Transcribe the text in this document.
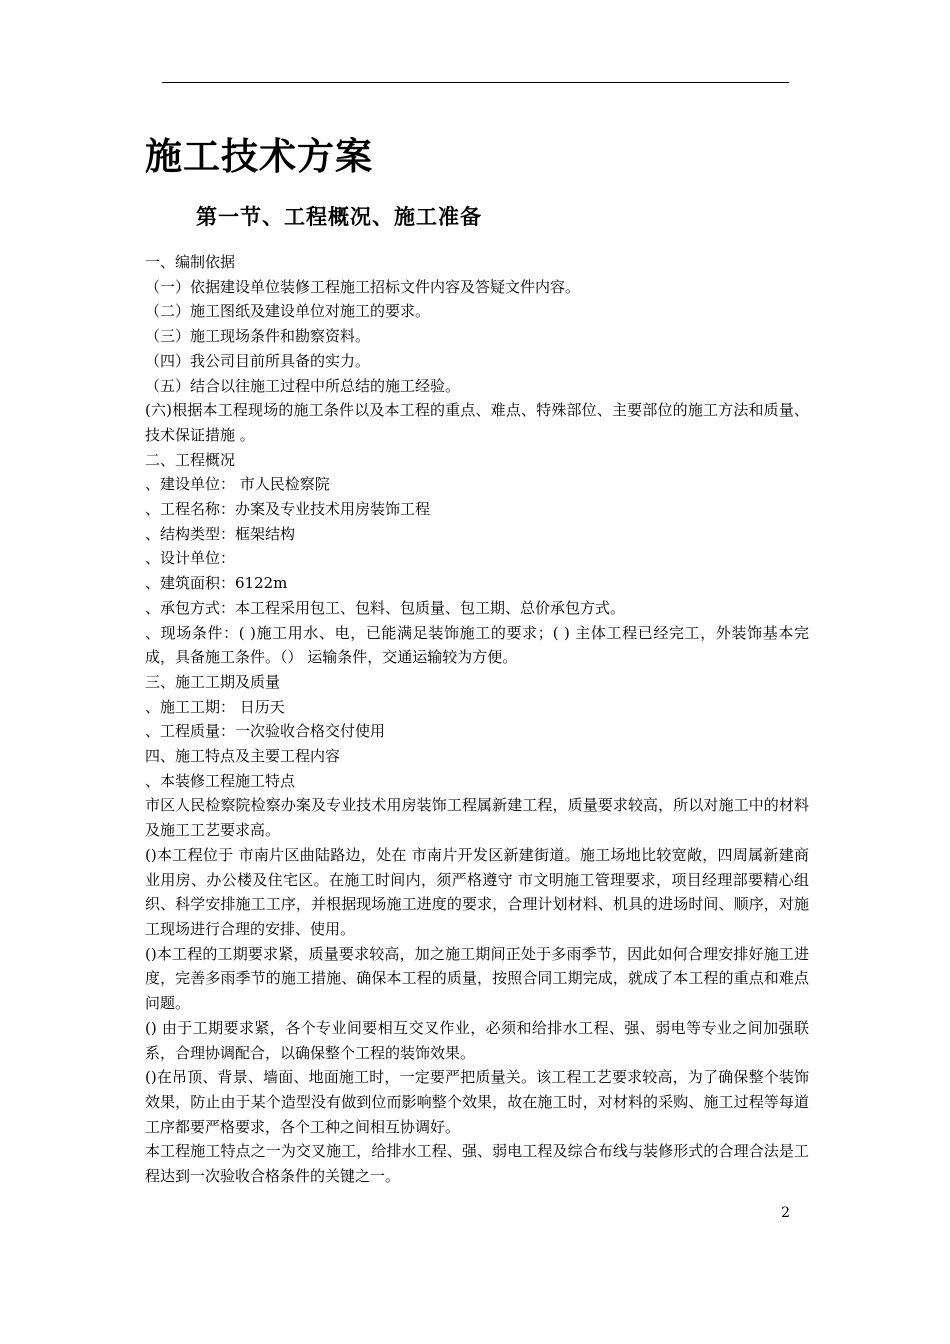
施工技术方案
第一节、工程概况、施工准备

一、编制依据

（一）依据建设单位装修工程施工招标文件内容及答疑文件内容。

（二）施工图纸及建设单位对施工的要求。

（三）施工现场条件和勘察资料。

（四）我公司目前所具备的实力。

（五）结合以往施工过程中所总结的施工经验。

(六)根据本工程现场的施工条件以及本工程的重点、难点、特殊部位、主要部位的施工方法和质量、技术保证措施 。

二、工程概况

、建设单位： 市人民检察院

、工程名称：办案及专业技术用房装饰工程

、结构类型：框架结构

、设计单位：

、建筑面积：6122m

、承包方式：本工程采用包工、包料、包质量、包工期、总价承包方式。

、现场条件：( )施工用水、电，已能满足装饰施工的要求；( ) 主体工程已经完工，外装饰基本完成，具备施工条件。（） 运输条件，交通运输较为方便。

三、施工工期及质量

、施工工期： 日历天

、工程质量：一次验收合格交付使用

四、施工特点及主要工程内容

、本装修工程施工特点

市区人民检察院检察办案及专业技术用房装饰工程属新建工程，质量要求较高，所以对施工中的材料及施工工艺要求高。

()本工程位于 市南片区曲陆路边，处在 市南片开发区新建街道。施工场地比较宽敞，四周属新建商业用房、办公楼及住宅区。在施工时间内，须严格遵守 市文明施工管理要求，项目经理部要精心组织、科学安排施工工序，并根据现场施工进度的要求，合理计划材料、机具的进场时间、顺序，对施工现场进行合理的安排、使用。

()本工程的工期要求紧，质量要求较高，加之施工期间正处于多雨季节，因此如何合理安排好施工进度，完善多雨季节的施工措施、确保本工程的质量，按照合同工期完成，就成了本工程的重点和难点问题。

() 由于工期要求紧，各个专业间要相互交叉作业，必须和给排水工程、强、弱电等专业之间加强联系，合理协调配合，以确保整个工程的装饰效果。

()在吊顶、背景、墙面、地面施工时，一定要严把质量关。该工程工艺要求较高，为了确保整个装饰效果，防止由于某个造型没有做到位而影响整个效果，故在施工时，对材料的采购、施工过程等每道工序都要严格要求，各个工种之间相互协调好。

本工程施工特点之一为交叉施工，给排水工程、强、弱电工程及综合布线与装修形式的合理合法是工程达到一次验收合格条件的关键之一。

2
